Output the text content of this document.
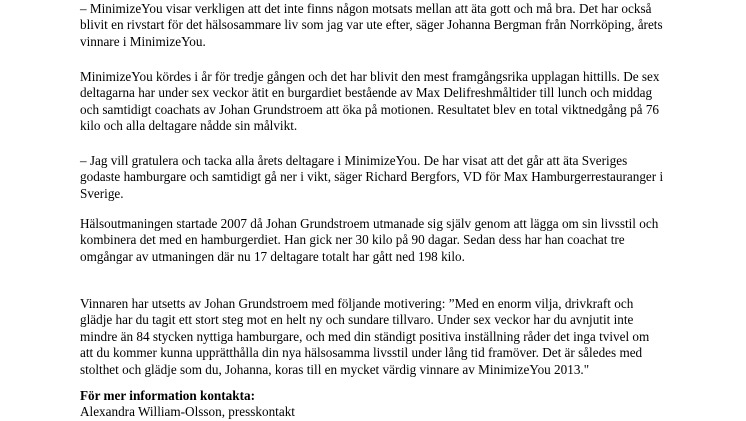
– MinimizeYou visar verkligen att det inte finns någon motsats mellan att äta gott och må bra. Det har också
blivit en rivstart för det hälsosammare liv som jag var ute efter, säger Johanna Bergman från Norrköping, årets
vinnare i MinimizeYou.

MinimizeYou kördes i år för tredje gången och det har blivit den mest framgångsrika upplagan hittills. De sex
deltagarna har under sex veckor ätit en burgardiet bestående av Max Delifreshmåltider till lunch och middag
och samtidigt coachats av Johan Grundstroem att öka på motionen. Resultatet blev en total viktnedgång på 76
kilo och alla deltagare nådde sin målvikt.

– Jag vill gratulera och tacka alla årets deltagare i MinimizeYou. De har visat att det går att äta Sveriges
godaste hamburgare och samtidigt gå ner i vikt, säger Richard Bergfors, VD för Max Hamburgerrestauranger i
Sverige.

Hälsoutmaningen startade 2007 då Johan Grundstroem utmanade sig själv genom att lägga om sin livsstil och
kombinera det med en hamburgerdiet. Han gick ner 30 kilo på 90 dagar. Sedan dess har han coachat tre
omgångar av utmaningen där nu 17 deltagare totalt har gått ned 198 kilo.

Vinnaren har utsetts av Johan Grundstroem med följande motivering: ”Med en enorm vilja, drivkraft och
glädje har du tagit ett stort steg mot en helt ny och sundare tillvaro. Under sex veckor har du avnjutit inte
mindre än 84 stycken nyttiga hamburgare, och med din ständigt positiva inställning råder det inga tvivel om
att du kommer kunna upprätthålla din nya hälsosamma livsstil under lång tid framöver. Det är således med
stolthet och glädje som du, Johanna, koras till en mycket värdig vinnare av MinimizeYou 2013."

För mer information kontakta:
Alexandra William-Olsson, presskontakt
